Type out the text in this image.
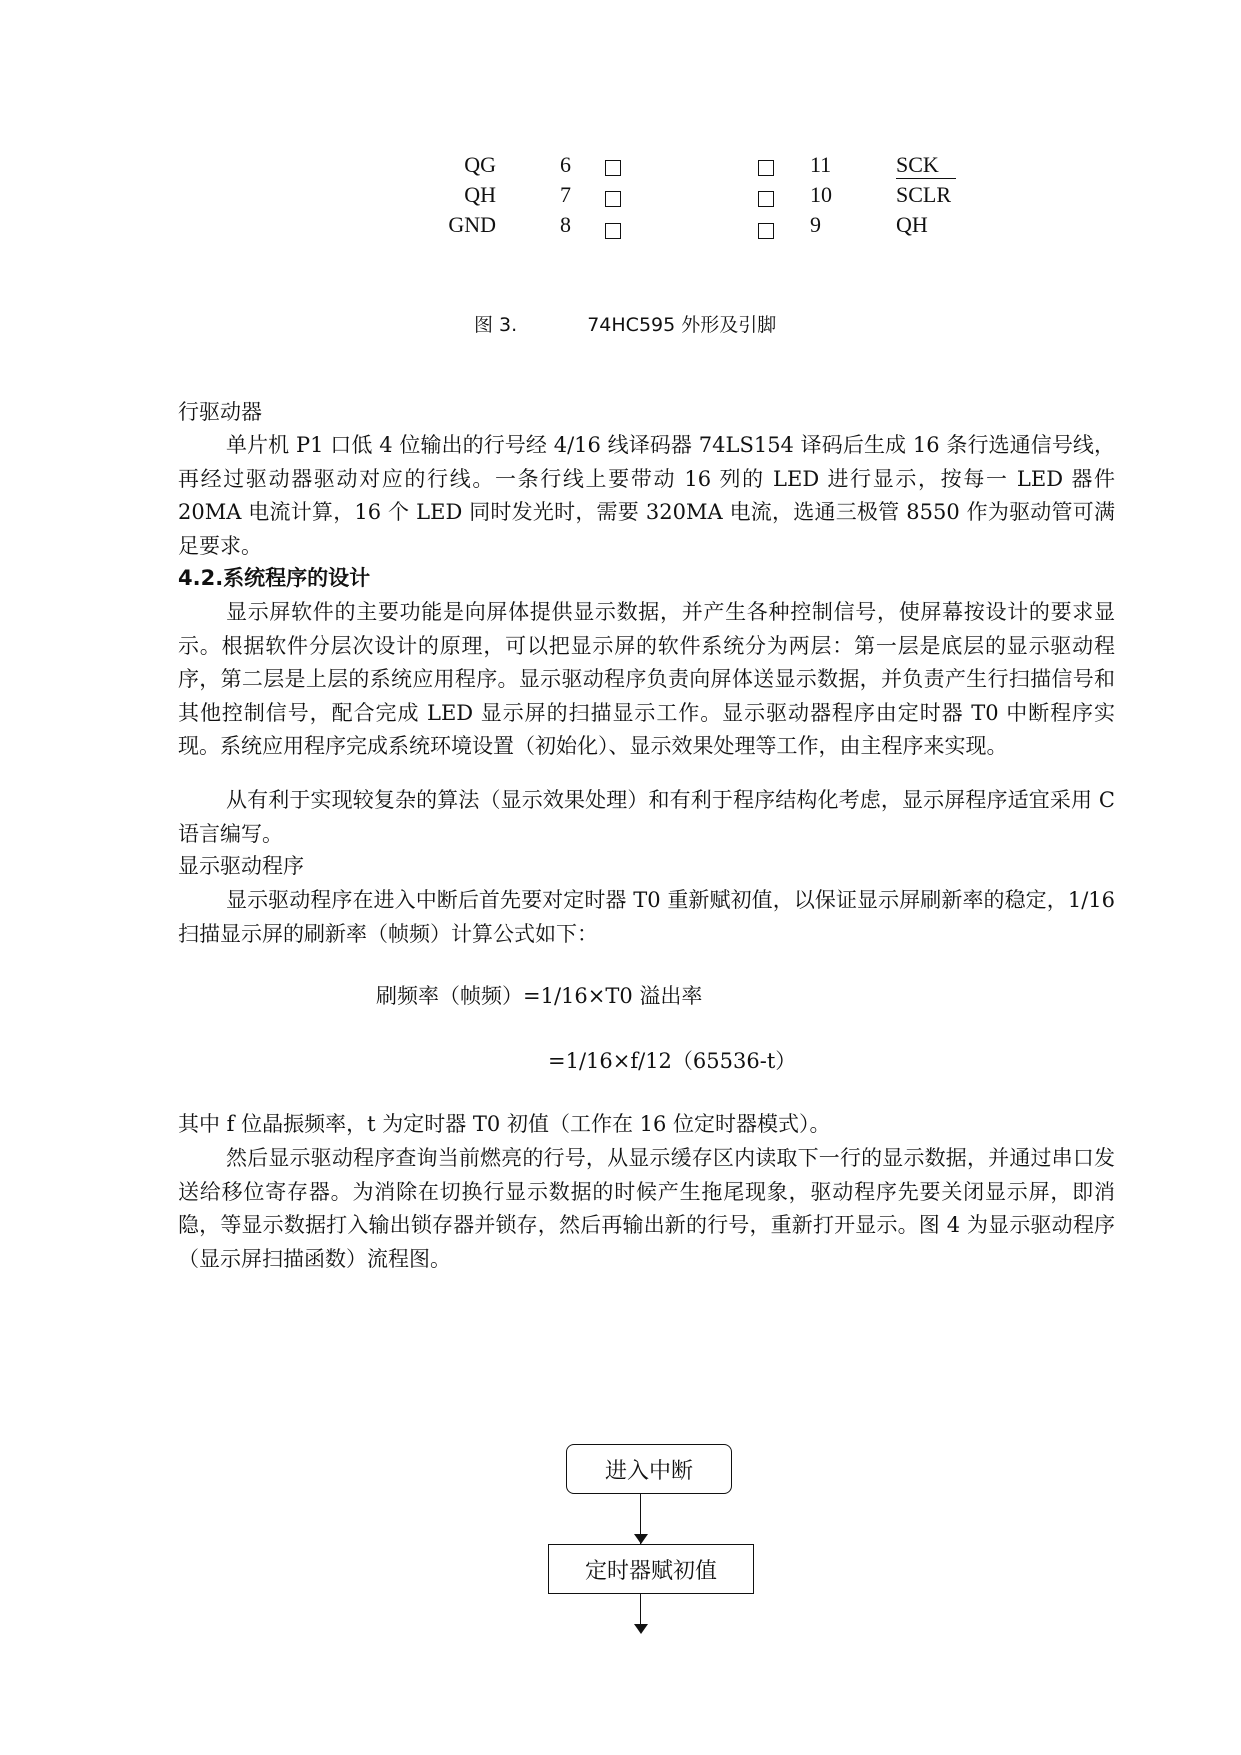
QG	6	11	SCK
QH	7	10	SCLR
GND	8	9	QH
图 3.	74HC595 外形及引脚
行驱动器
单片机 P1 口低 4 位输出的行号经 4/16 线译码器 74LS154 译码后生成 16 条行选通信号线，再经过驱动器驱动对应的行线。一条行线上要带动 16 列的 LED 进行显示，按每一 LED 器件 20MA 电流计算，16 个 LED 同时发光时，需要 320MA 电流，选通三极管 8550 作为驱动管可满足要求。
4.2.系统程序的设计
显示屏软件的主要功能是向屏体提供显示数据，并产生各种控制信号，使屏幕按设计的要求显示。根据软件分层次设计的原理，可以把显示屏的软件系统分为两层：第一层是底层的显示驱动程序，第二层是上层的系统应用程序。显示驱动程序负责向屏体送显示数据，并负责产生行扫描信号和其他控制信号，配合完成 LED 显示屏的扫描显示工作。显示驱动器程序由定时器 T0 中断程序实现。系统应用程序完成系统环境设置（初始化）、显示效果处理等工作，由主程序来实现。
从有利于实现较复杂的算法（显示效果处理）和有利于程序结构化考虑，显示屏程序适宜采用 C 语言编写。
显示驱动程序
显示驱动程序在进入中断后首先要对定时器 T0 重新赋初值，以保证显示屏刷新率的稳定，1/16 扫描显示屏的刷新率（帧频）计算公式如下：
刷频率（帧频）=1/16×T0 溢出率
=1/16×f/12（65536-t）
其中 f 位晶振频率，t 为定时器 T0 初值（工作在 16 位定时器模式）。
然后显示驱动程序查询当前燃亮的行号，从显示缓存区内读取下一行的显示数据，并通过串口发送给移位寄存器。为消除在切换行显示数据的时候产生拖尾现象，驱动程序先要关闭显示屏，即消隐，等显示数据打入输出锁存器并锁存，然后再输出新的行号，重新打开显示。图 4 为显示驱动程序（显示屏扫描函数）流程图。
进入中断
定时器赋初值
